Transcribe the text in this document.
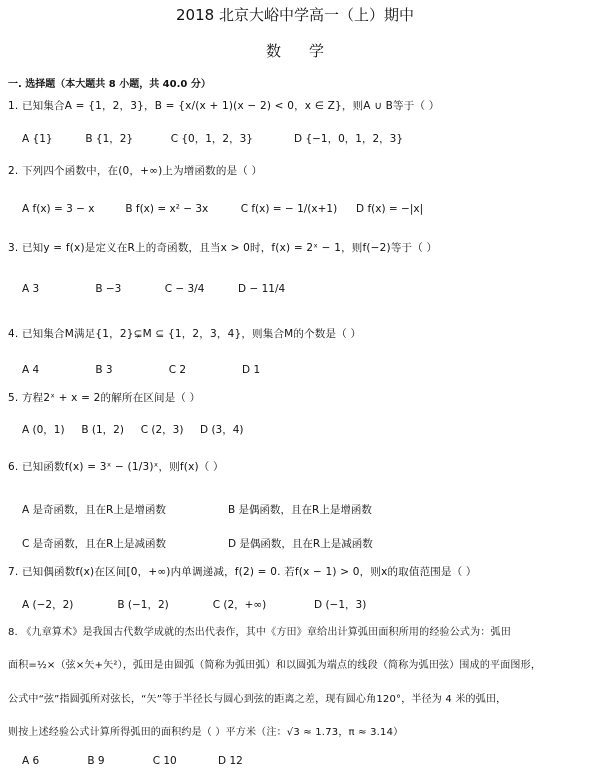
2018 北京大峪中学高一（上）期中
数学
一. 选择题（本大题共 8 小题，共 40.0 分）
1. 已知集合A = {1，2，3}，B = {x/(x + 1)(x − 2) < 0，x ∈ Z}，则A ∪ B等于（ ）
A {1}	B {1，2}	C {0，1，2，3}	D {−1，0，1，2，3}
2. 下列四个函数中，在(0，+∞)上为增函数的是（ ）
A f(x) = 3 − x	B f(x) = x² − 3x	C f(x) = − 1/(x+1) D f(x) = −|x|
3. 已知y = f(x)是定义在R上的奇函数，且当x > 0时，f(x) = 2ˣ − 1，则f(−2)等于（ ）
A 3	B −3	C − 3/4	D − 11/4
4. 已知集合M满足{1，2}⊊M ⊆ {1，2，3，4}，则集合M的个数是（ ）
A 4	B 3	C 2	D 1
5. 方程2ˣ + x = 2的解所在区间是（ ）
A (0，1) B (1，2) C (2，3) D (3，4)
6. 已知函数f(x) = 3ˣ − (1/3)ˣ，则f(x)（ ）
A 是奇函数，且在R上是增函数	B 是偶函数，且在R上是增函数
C 是奇函数，且在R上是减函数	D 是偶函数，且在R上是减函数
7. 已知偶函数f(x)在区间[0，+∞)内单调递减，f(2) = 0. 若f(x − 1) > 0，则x的取值范围是（ ）
A (−2，2)	B (−1，2)	C (2，+∞)	D (−1，3)
8. 《九章算术》是我国古代数学成就的杰出代表作，其中《方田》章给出计算弧田面积所用的经验公式为：弧田
面积=½×（弦×矢+矢²），弧田是由圆弧（简称为弧田弧）和以圆弧为端点的线段（简称为弧田弦）围成的平面图形，
公式中“弦”指圆弧所对弦长，“矢”等于半径长与圆心到弦的距离之差，现有圆心角120°，半径为 4 米的弧田，
则按上述经验公式计算所得弧田的面积约是（ ）平方米（注：√3 ≈ 1.73，π ≈ 3.14）
A 6	B 9	C 10	D 12
